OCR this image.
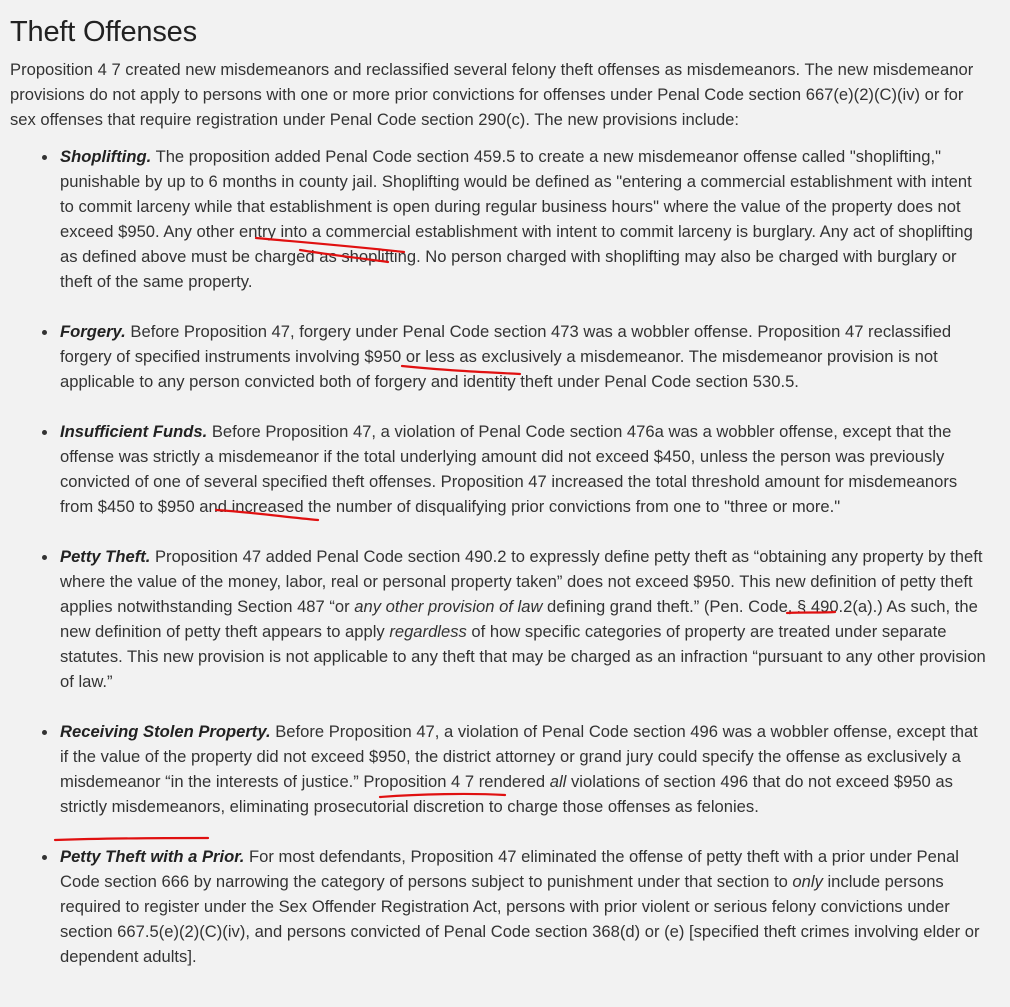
Theft Offenses

Proposition 4 7 created new misdemeanors and reclassified several felony theft offenses as misdemeanors. The new misdemeanor provisions do not apply to persons with one or more prior convictions for offenses under Penal Code section 667(e)(2)(C)(iv) or for sex offenses that require registration under Penal Code section 290(c). The new provisions include:

Shoplifting. The proposition added Penal Code section 459.5 to create a new misdemeanor offense called "shoplifting," punishable by up to 6 months in county jail. Shoplifting would be defined as "entering a commercial establishment with intent to commit larceny while that establishment is open during regular business hours" where the value of the property does not exceed $950. Any other entry into a commercial establishment with intent to commit larceny is burglary. Any act of shoplifting as defined above must be charged as shoplifting. No person charged with shoplifting may also be charged with burglary or theft of the same property.
Forgery. Before Proposition 47, forgery under Penal Code section 473 was a wobbler offense. Proposition 47 reclassified forgery of specified instruments involving $950 or less as exclusively a misdemeanor. The misdemeanor provision is not applicable to any person convicted both of forgery and identity theft under Penal Code section 530.5.
Insufficient Funds. Before Proposition 47, a violation of Penal Code section 476a was a wobbler offense, except that the offense was strictly a misdemeanor if the total underlying amount did not exceed $450, unless the person was previously convicted of one of several specified theft offenses. Proposition 47 increased the total threshold amount for misdemeanors from $450 to $950 and increased the number of disqualifying prior convictions from one to "three or more."
Petty Theft. Proposition 47 added Penal Code section 490.2 to expressly define petty theft as “obtaining any property by theft where the value of the money, labor, real or personal property taken” does not exceed $950. This new definition of petty theft applies notwithstanding Section 487 “or any other provision of law defining grand theft.” (Pen. Code, § 490.2(a).) As such, the new definition of petty theft appears to apply regardless of how specific categories of property are treated under separate statutes. This new provision is not applicable to any theft that may be charged as an infraction “pursuant to any other provision of law.”
Receiving Stolen Property. Before Proposition 47, a violation of Penal Code section 496 was a wobbler offense, except that if the value of the property did not exceed $950, the district attorney or grand jury could specify the offense as exclusively a misdemeanor “in the interests of justice.” Proposition 4 7 rendered all violations of section 496 that do not exceed $950 as strictly misdemeanors, eliminating prosecutorial discretion to charge those offenses as felonies.
Petty Theft with a Prior. For most defendants, Proposition 47 eliminated the offense of petty theft with a prior under Penal Code section 666 by narrowing the category of persons subject to punishment under that section to only include persons required to register under the Sex Offender Registration Act, persons with prior violent or serious felony convictions under section 667.5(e)(2)(C)(iv), and persons convicted of Penal Code section 368(d) or (e) [specified theft crimes involving elder or dependent adults].
